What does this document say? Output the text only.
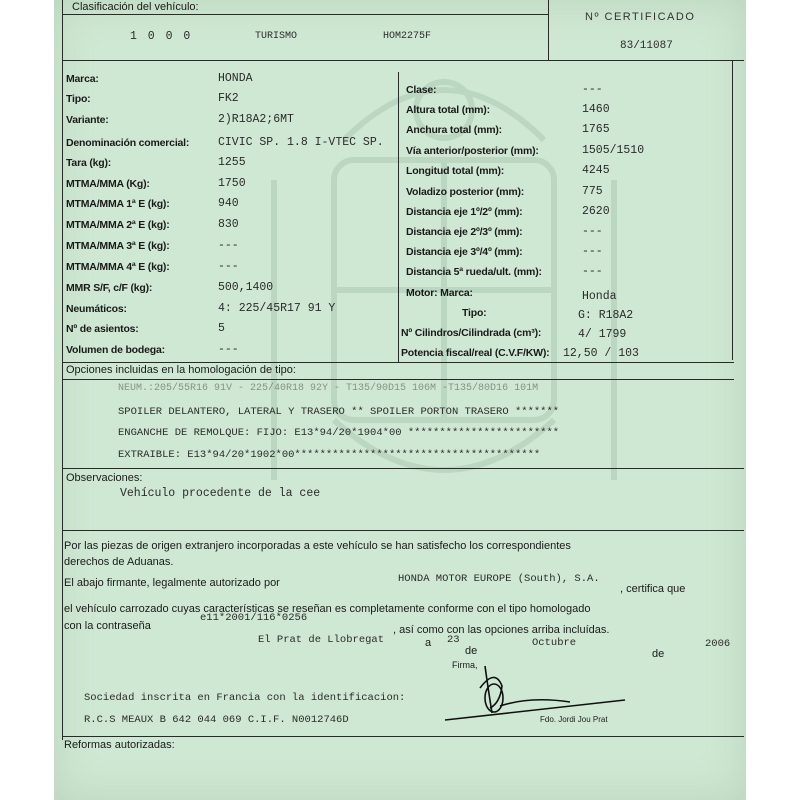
Clasificación del vehículo:
1 0 0 0	TURISMO	HOM2275F
Nº CERTIFICADO
83/11087
Marca:	HONDA
Tipo:	FK2
Variante:	2)R18A2;6MT
Denominación comercial:	CIVIC SP. 1.8 I-VTEC SP.
Tara (kg):	1255
MTMA/MMA (Kg):	1750
MTMA/MMA 1ª E (kg):	940
MTMA/MMA 2ª E (kg):	830
MTMA/MMA 3ª E (kg):	---
MTMA/MMA 4ª E (kg):	---
MMR S/F, c/F (kg):	500,1400
Neumáticos:	4: 225/45R17 91 Y
Nº de asientos:	5
Volumen de bodega:	---
Clase:	---
Altura total (mm):	1460
Anchura total (mm):	1765
Vía anterior/posterior (mm):	1505/1510
Longitud total (mm):	4245
Voladizo posterior (mm):	775
Distancia eje 1º/2º (mm):	2620
Distancia eje 2º/3º (mm):	---
Distancia eje 3º/4º (mm):	---
Distancia 5ª rueda/ult. (mm):	---
Motor: Marca:	Honda
Tipo:	G: R18A2
Nº Cilindros/Cilindrada (cm³):	4/ 1799
Potencia fiscal/real (C.V.F/KW): 12,50 / 103
Opciones incluidas en la homologación de tipo:
NEUM.:205/55R16 91V - 225/40R18 92Y - T135/90D15 106M -T135/80D16 101M
SPOILER DELANTERO, LATERAL Y TRASERO ** SPOILER PORTON TRASERO *******
ENGANCHE DE REMOLQUE: FIJO: E13*94/20*1904*00 ************************
EXTRAIBLE: E13*94/20*1902*00***************************************
Observaciones:
Vehículo procedente de la cee
Por las piezas de origen extranjero incorporadas a este vehículo se han satisfecho los correspondientes
derechos de Aduanas.
El abajo firmante, legalmente autorizado por	HONDA MOTOR EUROPE (South), S.A.
, certifica que
el vehículo carrozado cuyas características se reseñan es completamente conforme con el tipo homologado
con la contraseña
e11*2001/116*0256
, así como con las opciones arriba incluídas.
El Prat de Llobregat	a 23
de
Octubre
de
2006
Firma,
Sociedad inscrita en Francia con la identificacion:
R.C.S MEAUX B 642 044 069 C.I.F. N0012746D	Fdo. Jordi Jou Prat
Reformas autorizadas:
